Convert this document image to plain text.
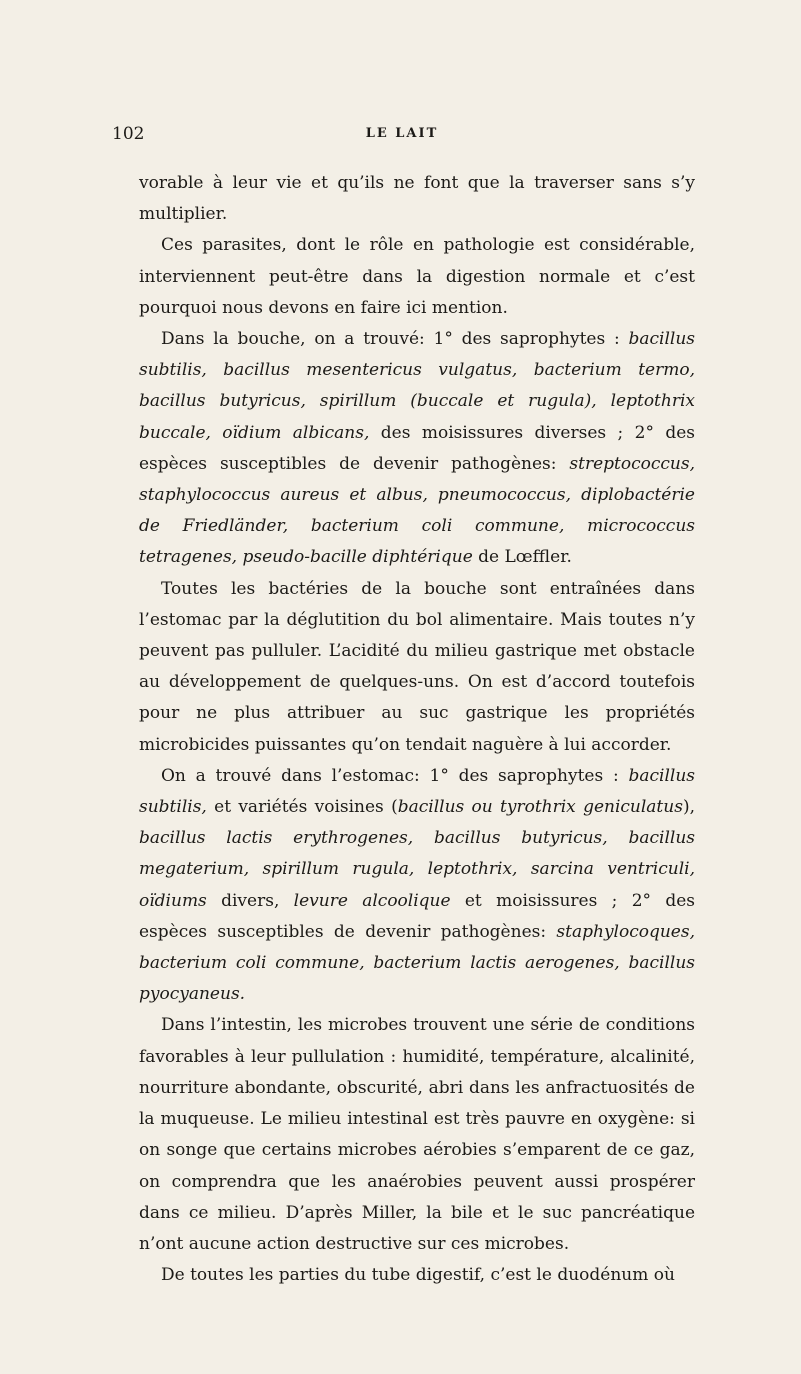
102	LE LAIT

vorable à leur vie et qu’ils ne font que la traverser sans s’y multiplier.

Ces parasites, dont le rôle en pathologie est considérable, interviennent peut-être dans la digestion normale et c’est pourquoi nous devons en faire ici mention.

Dans la bouche, on a trouvé: 1° des saprophytes : bacillus subtilis, bacillus mesentericus vulgatus, bacterium termo, bacillus butyricus, spirillum (buccale et rugula), leptothrix buccale, oïdium albicans, des moisissures diverses ; 2° des espèces susceptibles de devenir pathogènes: streptococcus, staphylococcus aureus et albus, pneumococcus, diplobactérie de Friedländer, bacterium coli commune, micrococcus tetragenes, pseudo-bacille diphtérique de Lœffler.

Toutes les bactéries de la bouche sont entraînées dans l’estomac par la déglutition du bol alimentaire. Mais toutes n’y peuvent pas pulluler. L’acidité du milieu gastrique met obstacle au développement de quelques-uns. On est d’accord toutefois pour ne plus attribuer au suc gastrique les propriétés microbicides puissantes qu’on tendait naguère à lui accorder.

On a trouvé dans l’estomac: 1° des saprophytes : bacillus subtilis, et variétés voisines (bacillus ou tyrothrix geniculatus), bacillus lactis erythrogenes, bacillus butyricus, bacillus megaterium, spirillum rugula, leptothrix, sarcina ventriculi, oïdiums divers, levure alcoolique et moisissures ; 2° des espèces susceptibles de devenir pathogènes: staphylocoques, bacterium coli commune, bacterium lactis aerogenes, bacillus pyocyaneus.

Dans l’intestin, les microbes trouvent une série de conditions favorables à leur pullulation : humidité, température, alcalinité, nourriture abondante, obscurité, abri dans les anfractuosités de la muqueuse. Le milieu intestinal est très pauvre en oxygène: si on songe que certains microbes aérobies s’emparent de ce gaz, on comprendra que les anaérobies peuvent aussi prospérer dans ce milieu. D’après Miller, la bile et le suc pancréatique n’ont aucune action destructive sur ces microbes.

De toutes les parties du tube digestif, c’est le duodénum où
